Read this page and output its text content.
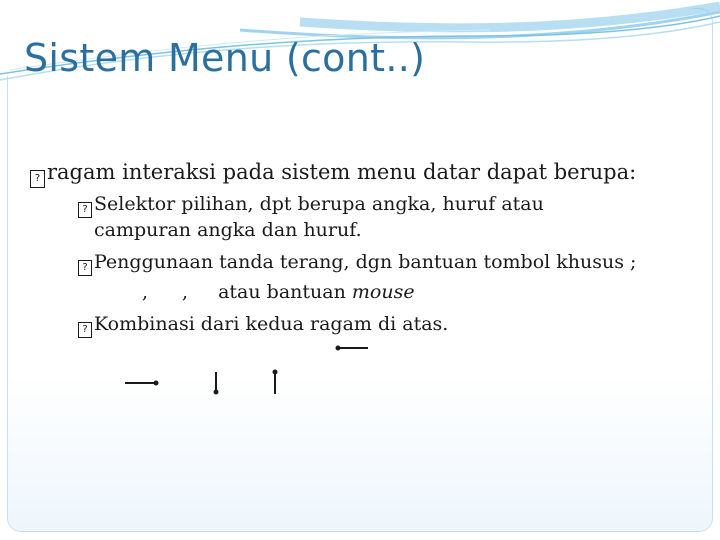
Sistem Menu (cont..)
? ragam interaksi pada sistem menu datar dapat berupa:
? Selektor pilihan, dpt berupa angka, huruf atau
campuran angka dan huruf.
? Penggunaan tanda terang, dgn bantuan tombol khusus ;
, , atau bantuan mouse
? Kombinasi dari kedua ragam di atas.
